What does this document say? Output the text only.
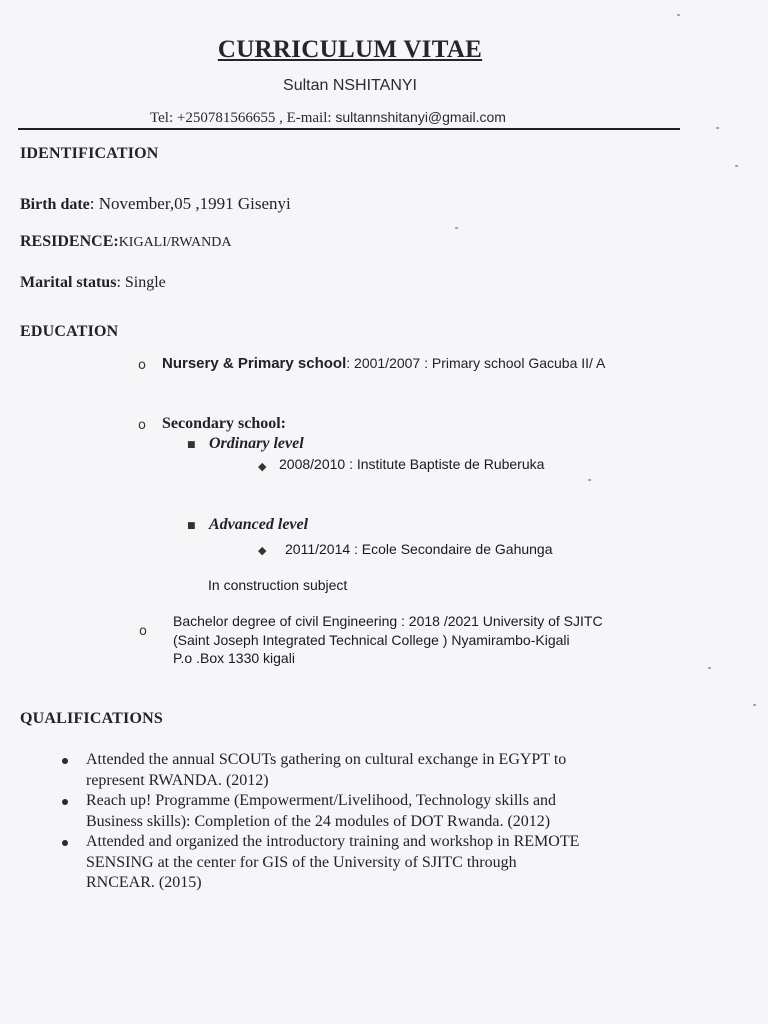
CURRICULUM VITAE
Sultan NSHITANYI
Tel: +250781566655 , E-mail: sultannshitanyi@gmail.com
IDENTIFICATION
Birth date: November,05 ,1991 Gisenyi
RESIDENCE:KIGALI/RWANDA
Marital status: Single
EDUCATION
o Nursery & Primary school: 2001/2007 : Primary school Gacuba II/ A
o Secondary school:
■ Ordinary level
◆ 2008/2010 : Institute Baptiste de Ruberuka
■ Advanced level
◆ 2011/2014 : Ecole Secondaire de Gahunga
In construction subject
o
Bachelor degree of civil Engineering : 2018 /2021 University of SJITC
(Saint Joseph Integrated Technical College ) Nyamirambo-Kigali
P.o .Box 1330 kigali
QUALIFICATIONS
Attended the annual SCOUTs gathering on cultural exchange in EGYPT to
represent RWANDA. (2012)
Reach up! Programme (Empowerment/Livelihood, Technology skills and
Business skills): Completion of the 24 modules of DOT Rwanda. (2012)
Attended and organized the introductory training and workshop in REMOTE
SENSING at the center for GIS of the University of SJITC through
RNCEAR. (2015)
